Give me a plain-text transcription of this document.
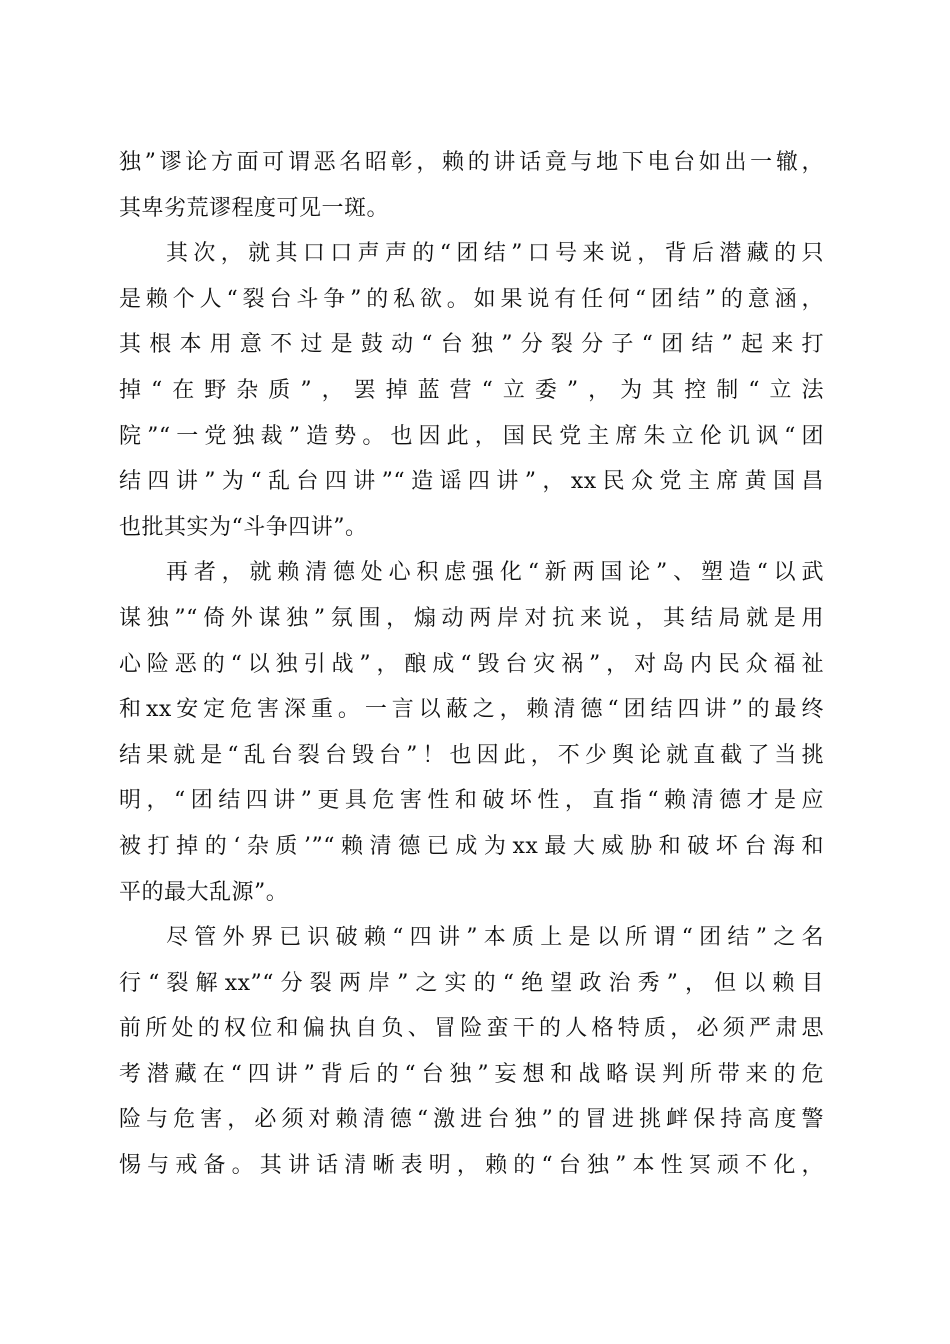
独”谬论方面可谓恶名昭彰，赖的讲话竟与地下电台如出一辙，
其卑劣荒谬程度可见一斑。
其次，就其口口声声的“团结”口号来说，背后潜藏的只
是赖个人“裂台斗争”的私欲。如果说有任何“团结”的意涵，
其根本用意不过是鼓动“台独”分裂分子“团结”起来打
掉“在野杂质”，罢掉蓝营“立委”，为其控制“立法
院”“一党独裁”造势。也因此，国民党主席朱立伦讥讽“团
结四讲”为“乱台四讲”“造谣四讲”，xx民众党主席黄国昌
也批其实为“斗争四讲”。
再者，就赖清德处心积虑强化“新两国论”、塑造“以武
谋独”“倚外谋独”氛围，煽动两岸对抗来说，其结局就是用
心险恶的“以独引战”，酿成“毁台灾祸”，对岛内民众福祉
和xx安定危害深重。一言以蔽之，赖清德“团结四讲”的最终
结果就是“乱台裂台毁台”！也因此，不少舆论就直截了当挑
明，“团结四讲”更具危害性和破坏性，直指“赖清德才是应
被打掉的‘杂质’”“赖清德已成为xx最大威胁和破坏台海和
平的最大乱源”。
尽管外界已识破赖“四讲”本质上是以所谓“团结”之名
行“裂解xx”“分裂两岸”之实的“绝望政治秀”，但以赖目
前所处的权位和偏执自负、冒险蛮干的人格特质，必须严肃思
考潜藏在“四讲”背后的“台独”妄想和战略误判所带来的危
险与危害，必须对赖清德“激进台独”的冒进挑衅保持高度警
惕与戒备。其讲话清晰表明，赖的“台独”本性冥顽不化，
